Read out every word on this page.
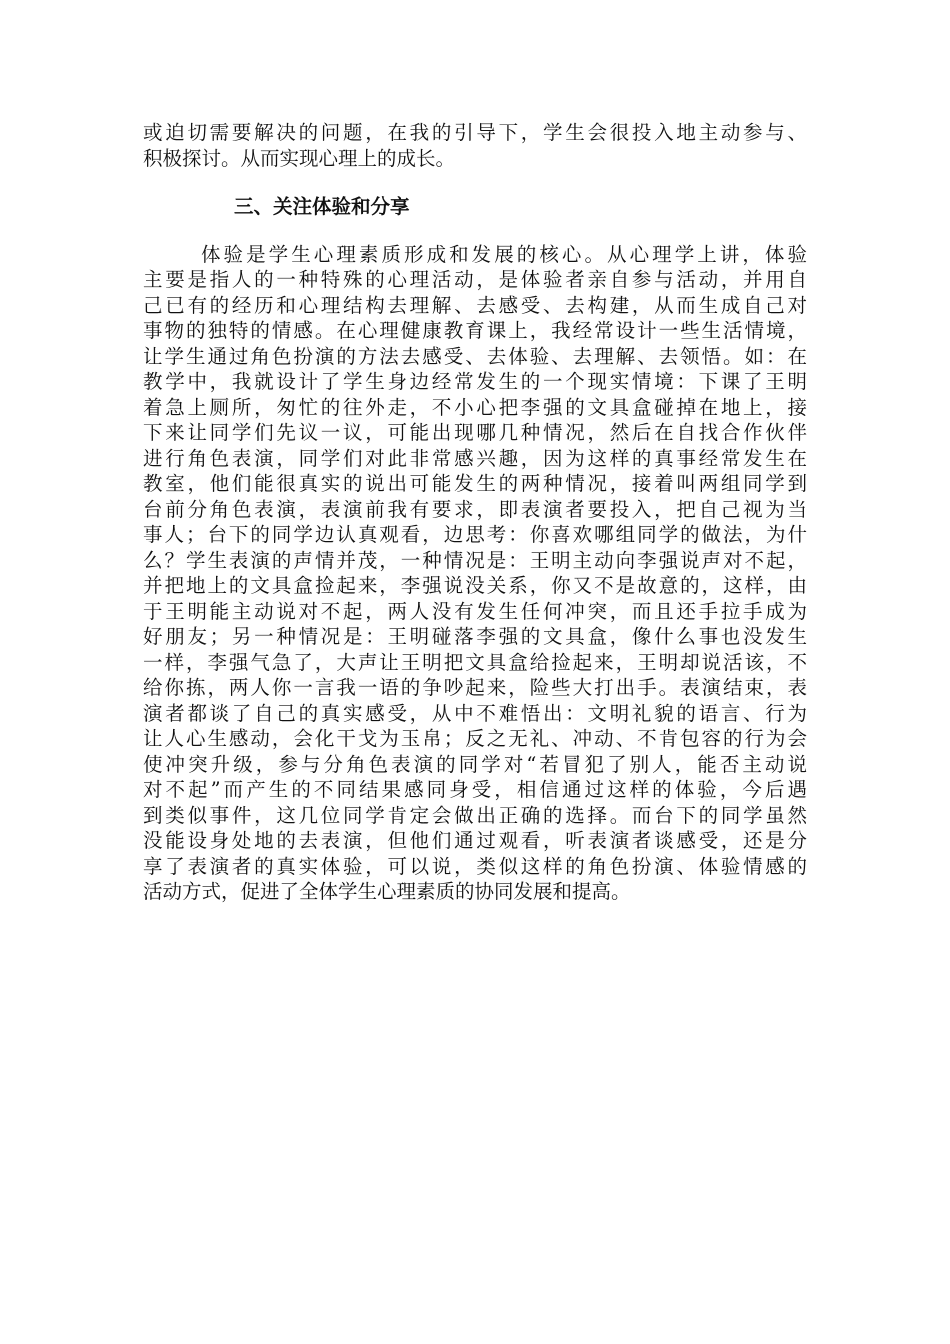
或迫切需要解决的问题，在我的引导下，学生会很投入地主动参与、
积极探讨。从而实现心理上的成长。
三、关注体验和分享
体验是学生心理素质形成和发展的核心。从心理学上讲，体验
主要是指人的一种特殊的心理活动，是体验者亲自参与活动，并用自
己已有的经历和心理结构去理解、去感受、去构建，从而生成自己对
事物的独特的情感。在心理健康教育课上，我经常设计一些生活情境，
让学生通过角色扮演的方法去感受、去体验、去理解、去领悟。如：在
教学中，我就设计了学生身边经常发生的一个现实情境：下课了王明
着急上厕所，匆忙的往外走，不小心把李强的文具盒碰掉在地上，接
下来让同学们先议一议，可能出现哪几种情况，然后在自找合作伙伴
进行角色表演，同学们对此非常感兴趣，因为这样的真事经常发生在
教室，他们能很真实的说出可能发生的两种情况，接着叫两组同学到
台前分角色表演，表演前我有要求，即表演者要投入，把自己视为当
事人；台下的同学边认真观看，边思考：你喜欢哪组同学的做法，为什
么？学生表演的声情并茂，一种情况是：王明主动向李强说声对不起，
并把地上的文具盒捡起来，李强说没关系，你又不是故意的，这样，由
于王明能主动说对不起，两人没有发生任何冲突，而且还手拉手成为
好朋友；另一种情况是：王明碰落李强的文具盒，像什么事也没发生
一样，李强气急了，大声让王明把文具盒给捡起来，王明却说活该，不
给你拣，两人你一言我一语的争吵起来，险些大打出手。表演结束，表
演者都谈了自己的真实感受，从中不难悟出：文明礼貌的语言、行为
让人心生感动，会化干戈为玉帛；反之无礼、冲动、不肯包容的行为会
使冲突升级，参与分角色表演的同学对“若冒犯了别人，能否主动说
对不起”而产生的不同结果感同身受，相信通过这样的体验，今后遇
到类似事件，这几位同学肯定会做出正确的选择。而台下的同学虽然
没能设身处地的去表演，但他们通过观看，听表演者谈感受，还是分
享了表演者的真实体验，可以说，类似这样的角色扮演、体验情感的
活动方式，促进了全体学生心理素质的协同发展和提高。
